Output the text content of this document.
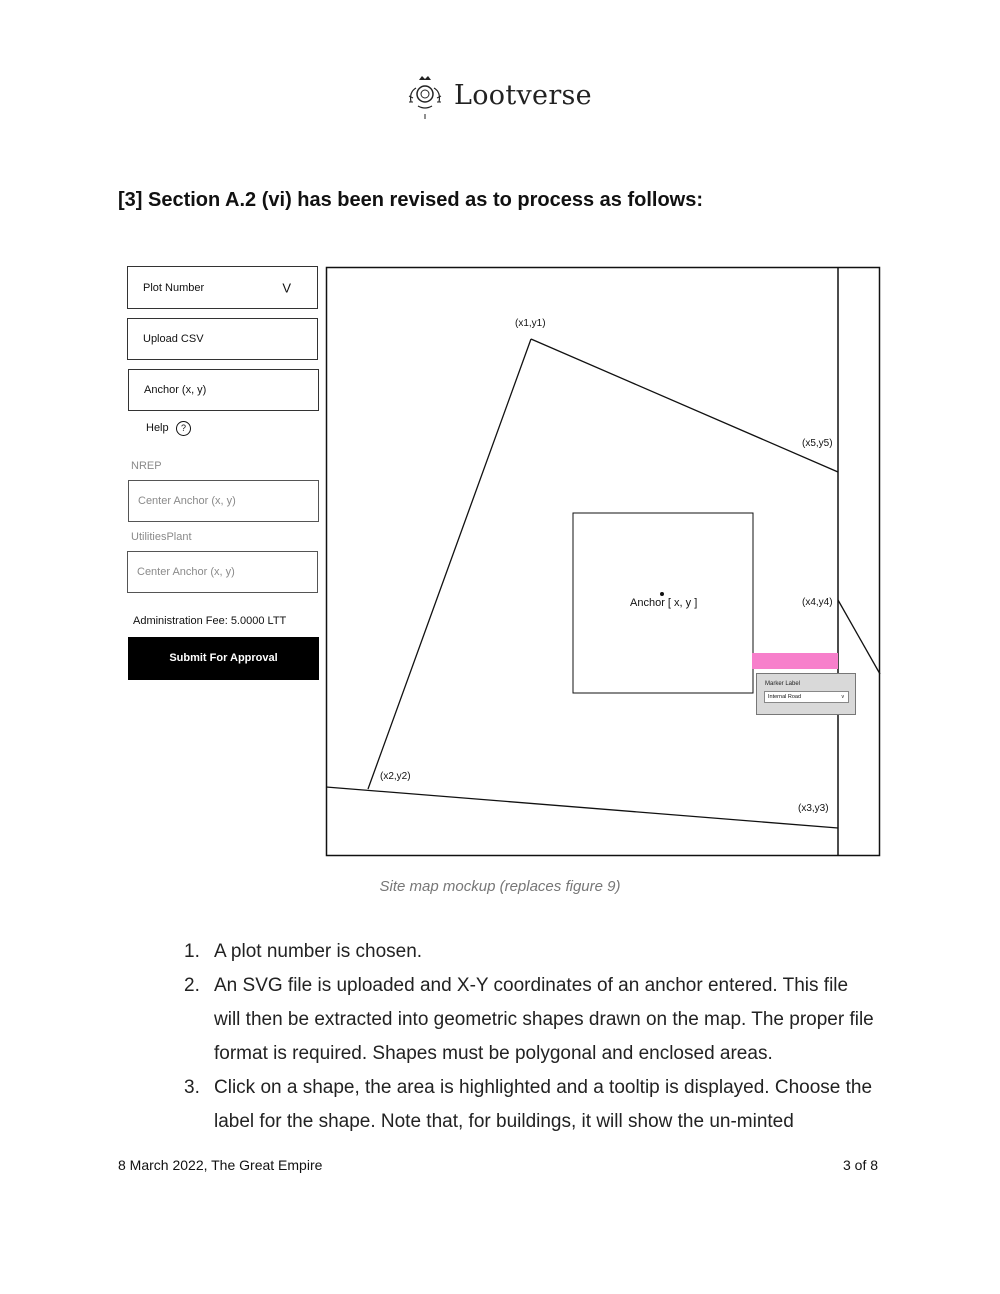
Lootverse
[3] Section A.2 (vi) has been revised as to process as follows:
Plot Number	V
Upload CSV
Anchor (x, y)
Help	?
NREP
Center Anchor (x, y)
UtilitiesPlant
Center Anchor (x, y)
Administration Fee: 5.0000 LTT
Submit For Approval
(x1,y1)
(x5,y5)
(x4,y4)
(x2,y2)
(x3,y3)
Anchor [ x, y ]
Marker Label
Internal Road	v
Site map mockup (replaces figure 9)
1. A plot number is chosen.
2. An SVG file is uploaded and X-Y coordinates of an anchor entered. This file will then be extracted into geometric shapes drawn on the map. The proper file format is required. Shapes must be polygonal and enclosed areas.
3. Click on a shape, the area is highlighted and a tooltip is displayed. Choose the label for the shape. Note that, for buildings, it will show the un-minted
8 March 2022, The Great Empire	3 of 8
